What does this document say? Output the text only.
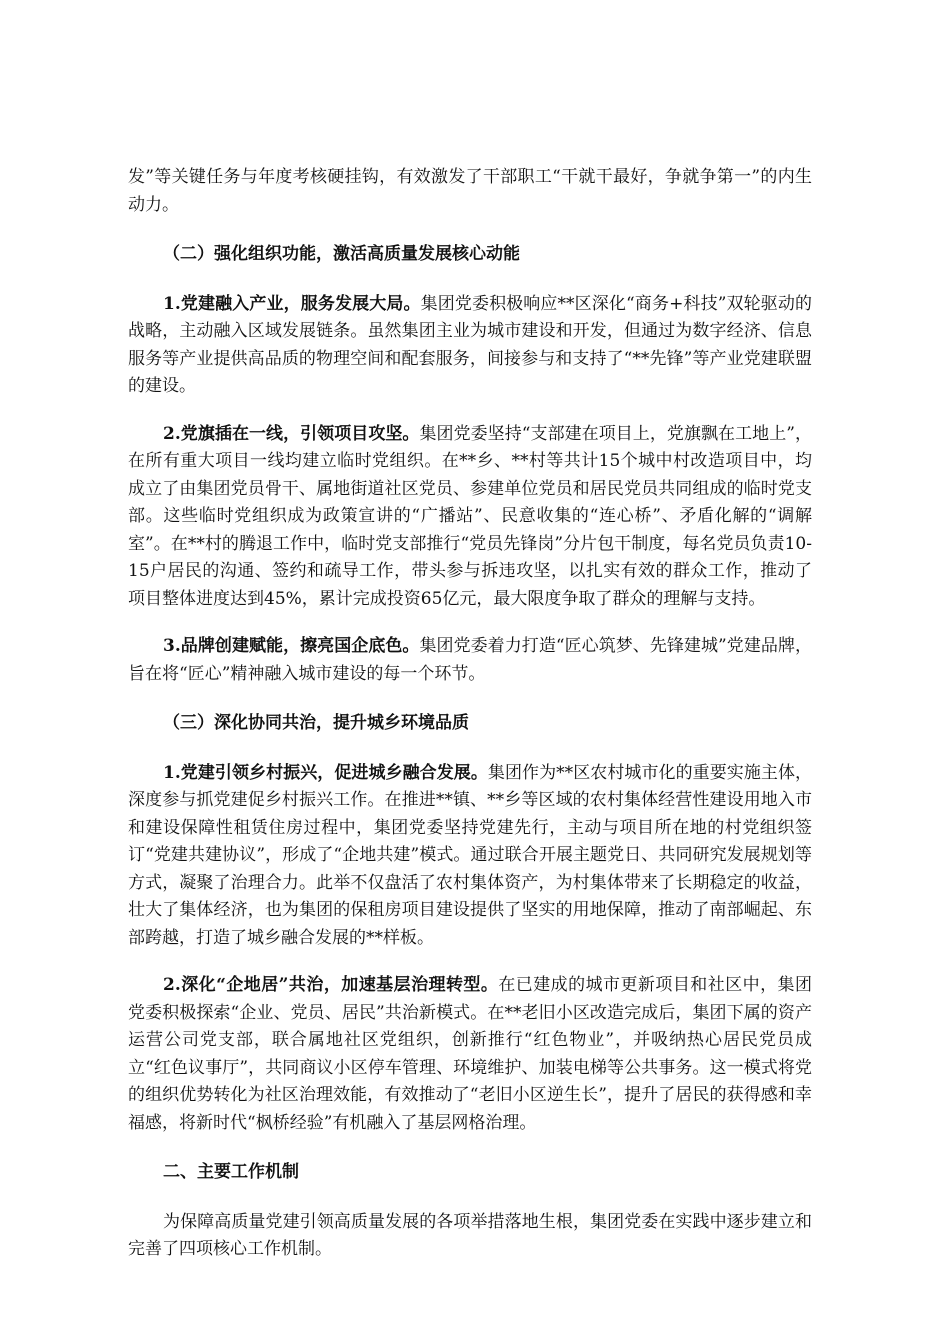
发”等关键任务与年度考核硬挂钩，有效激发了干部职工“干就干最好，争就争第一”的内生动力。

（二）强化组织功能，激活高质量发展核心动能

1.党建融入产业，服务发展大局。集团党委积极响应**区深化“商务+科技”双轮驱动的战略，主动融入区域发展链条。虽然集团主业为城市建设和开发，但通过为数字经济、信息服务等产业提供高品质的物理空间和配套服务，间接参与和支持了“**先锋”等产业党建联盟的建设。

2.党旗插在一线，引领项目攻坚。集团党委坚持“支部建在项目上，党旗飘在工地上”，在所有重大项目一线均建立临时党组织。在**乡、**村等共计15个城中村改造项目中，均成立了由集团党员骨干、属地街道社区党员、参建单位党员和居民党员共同组成的临时党支部。这些临时党组织成为政策宣讲的“广播站”、民意收集的“连心桥”、矛盾化解的“调解室”。在**村的腾退工作中，临时党支部推行“党员先锋岗”分片包干制度，每名党员负责10-15户居民的沟通、签约和疏导工作，带头参与拆违攻坚，以扎实有效的群众工作，推动了项目整体进度达到45%，累计完成投资65亿元，最大限度争取了群众的理解与支持。

3.品牌创建赋能，擦亮国企底色。集团党委着力打造“匠心筑梦、先锋建城”党建品牌，旨在将“匠心”精神融入城市建设的每一个环节。

（三）深化协同共治，提升城乡环境品质

1.党建引领乡村振兴，促进城乡融合发展。集团作为**区农村城市化的重要实施主体，深度参与抓党建促乡村振兴工作。在推进**镇、**乡等区域的农村集体经营性建设用地入市和建设保障性租赁住房过程中，集团党委坚持党建先行，主动与项目所在地的村党组织签订“党建共建协议”，形成了“企地共建”模式。通过联合开展主题党日、共同研究发展规划等方式，凝聚了治理合力。此举不仅盘活了农村集体资产，为村集体带来了长期稳定的收益，壮大了集体经济，也为集团的保租房项目建设提供了坚实的用地保障，推动了南部崛起、东部跨越，打造了城乡融合发展的**样板。

2.深化“企地居”共治，加速基层治理转型。在已建成的城市更新项目和社区中，集团党委积极探索“企业、党员、居民”共治新模式。在**老旧小区改造完成后，集团下属的资产运营公司党支部，联合属地社区党组织，创新推行“红色物业”，并吸纳热心居民党员成立“红色议事厅”，共同商议小区停车管理、环境维护、加装电梯等公共事务。这一模式将党的组织优势转化为社区治理效能，有效推动了“老旧小区逆生长”，提升了居民的获得感和幸福感，将新时代“枫桥经验”有机融入了基层网格治理。

二、主要工作机制

为保障高质量党建引领高质量发展的各项举措落地生根，集团党委在实践中逐步建立和完善了四项核心工作机制。
